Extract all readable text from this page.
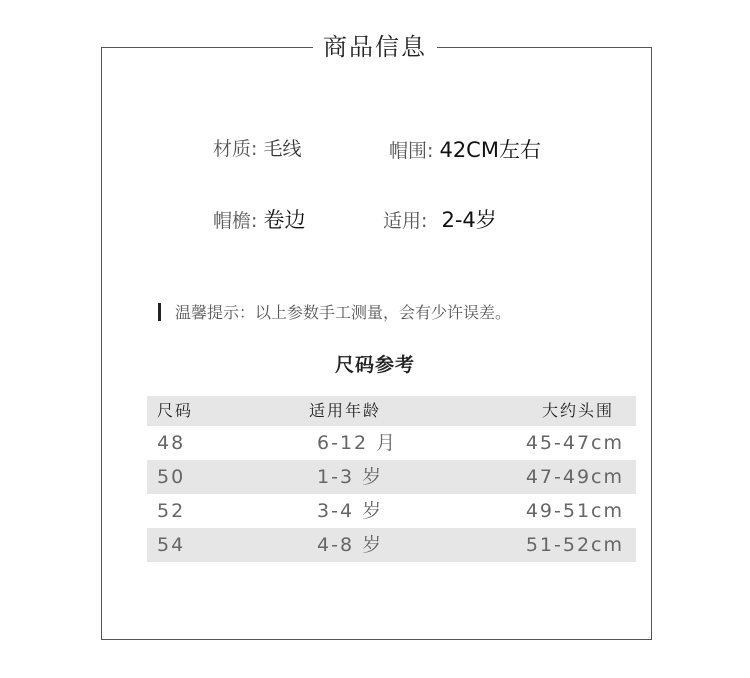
商品信息
材质: 毛线	帽围: 42CM左右
帽檐: 卷边	适用: 2-4岁
温馨提示：以上参数手工测量，会有少许误差。
尺码参考
尺码	适用年龄	大约头围
48	6-12 月	45-47cm
50	1-3 岁	47-49cm
52	3-4 岁	49-51cm
54	4-8 岁	51-52cm
